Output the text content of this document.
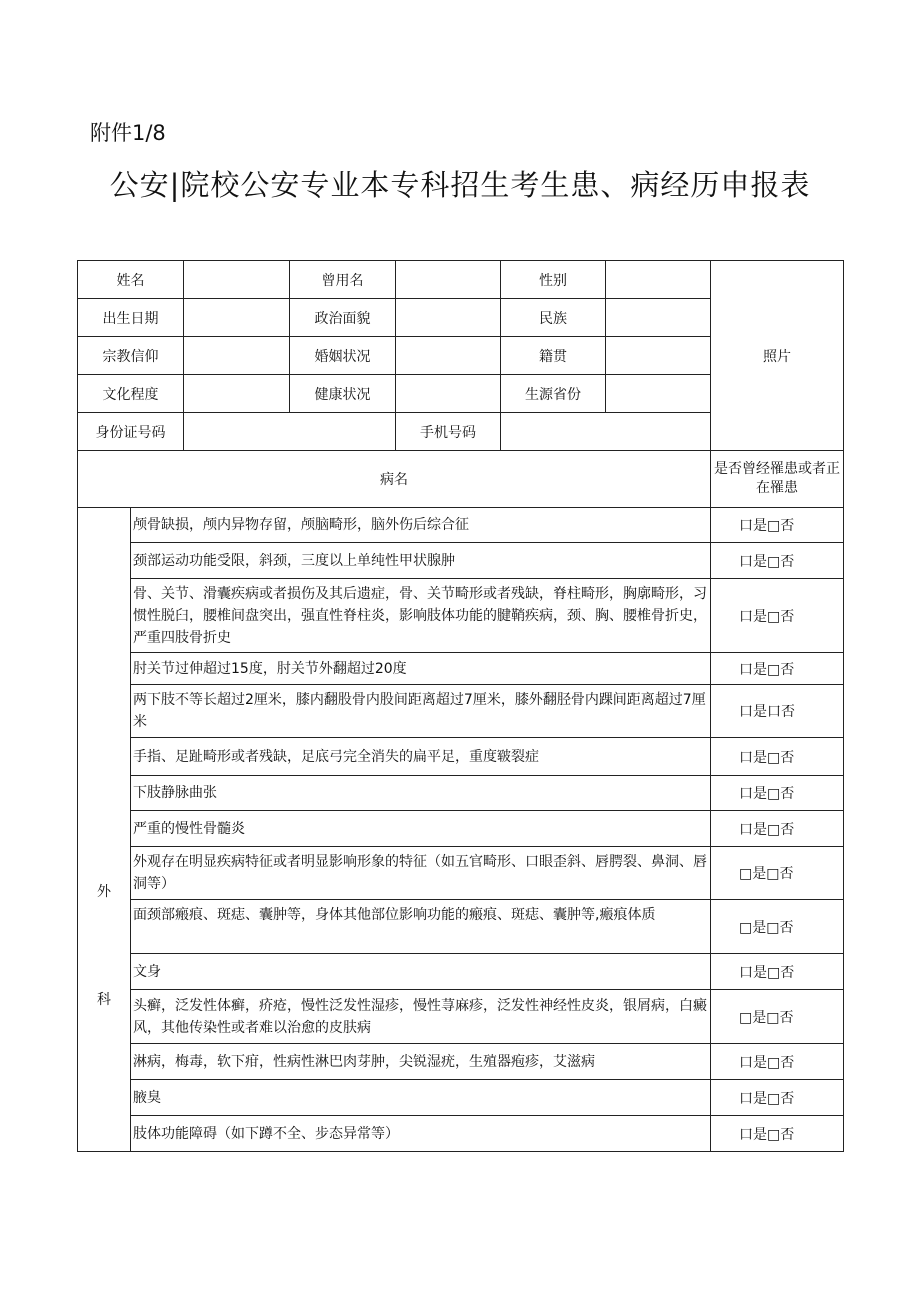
附件1/8
公安|院校公安专业本专科招生考生患、病经历申报表
姓名			曾用名		性别		照片
出生日期			政治面貌		民族		
宗教信仰			婚姻状况		籍贯		
文化程度			健康状况		生源省份		
身份证号码				手机号码			
病名							是否曾经罹患或者正在罹患

外
科	颅骨缺损，颅内异物存留，颅脑畸形，脑外伤后综合征						口是□否
	颈部运动功能受限，斜颈，三度以上单纯性甲状腺肿						口是□否
	骨、关节、滑囊疾病或者损伤及其后遗症，骨、关节畸形或者残缺，脊柱畸形，胸廓畸形，习惯性脱臼，腰椎间盘突出，强直性脊柱炎，影响肢体功能的腱鞘疾病，颈、胸、腰椎骨折史，严重四肢骨折史						口是□否
	肘关节过伸超过15度，肘关节外翻超过20度						口是□否
	两下肢不等长超过2厘米，膝内翻股骨内股间距离超过7厘米，膝外翻胫骨内踝间距离超过7厘米						口是口否
	手指、足趾畸形或者残缺，足底弓完全消失的扁平足，重度皲裂症						口是□否
	下肢静脉曲张						口是□否
	严重的慢性骨髓炎						口是□否
	外观存在明显疾病特征或者明显影响形象的特征（如五官畸形、口眼歪斜、唇腭裂、鼻洞、唇洞等）						□是□否
	面颈部瘢痕、斑痣、囊肿等，身体其他部位影响功能的瘢痕、斑痣、囊肿等,瘢痕体质						□是□否
	文身						口是□否
	头癣，泛发性体癣，疥疮，慢性泛发性湿疹，慢性荨麻疹，泛发性神经性皮炎，银屑病，白癜风，其他传染性或者难以治愈的皮肤病						□是□否
	淋病，梅毒，软下疳，性病性淋巴肉芽肿，尖锐湿疣，生殖器疱疹，艾滋病						口是□否
	腋臭						口是□否
	肢体功能障碍（如下蹲不全、步态异常等）						口是□否
